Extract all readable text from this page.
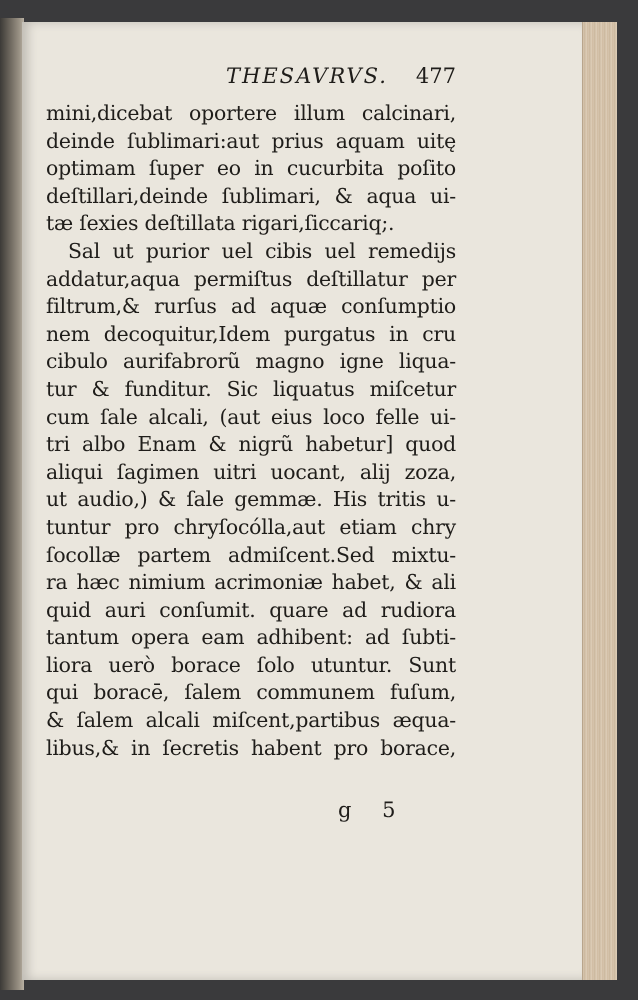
THESAVRVS. 477
mini,dicebat oportere illum calcinari,
deinde ſublimari:aut prius aquam uitę
optimam ſuper eo in cucurbita poſito
deſtillari,deinde ſublimari, & aqua ui-
tæ ſexies deſtillata rigari,ſiccariq;.
Sal ut purior uel cibis uel remedijs
addatur,aqua permiſtus deſtillatur per
filtrum,& rurſus ad aquæ conſumptio
nem decoquitur,Idem purgatus in cru
cibulo aurifabrorũ magno igne liqua-
tur & funditur. Sic liquatus miſcetur
cum ſale alcali, (aut eius loco felle ui-
tri albo Enam & nigrũ habetur] quod
aliqui ſagimen uitri uocant, alij zoza,
ut audio,) & ſale gemmæ. His tritis u-
tuntur pro chryſocólla,aut etiam chry
ſocollæ partem admiſcent.Sed mixtu-
ra hæc nimium acrimoniæ habet, & ali
quid auri conſumit. quare ad rudiora
tantum opera eam adhibent: ad ſubti-
liora uerò borace ſolo utuntur. Sunt
qui boracē, ſalem communem fuſum,
& ſalem alcali miſcent,partibus æqua-
libus,& in ſecretis habent pro borace,
g 5
